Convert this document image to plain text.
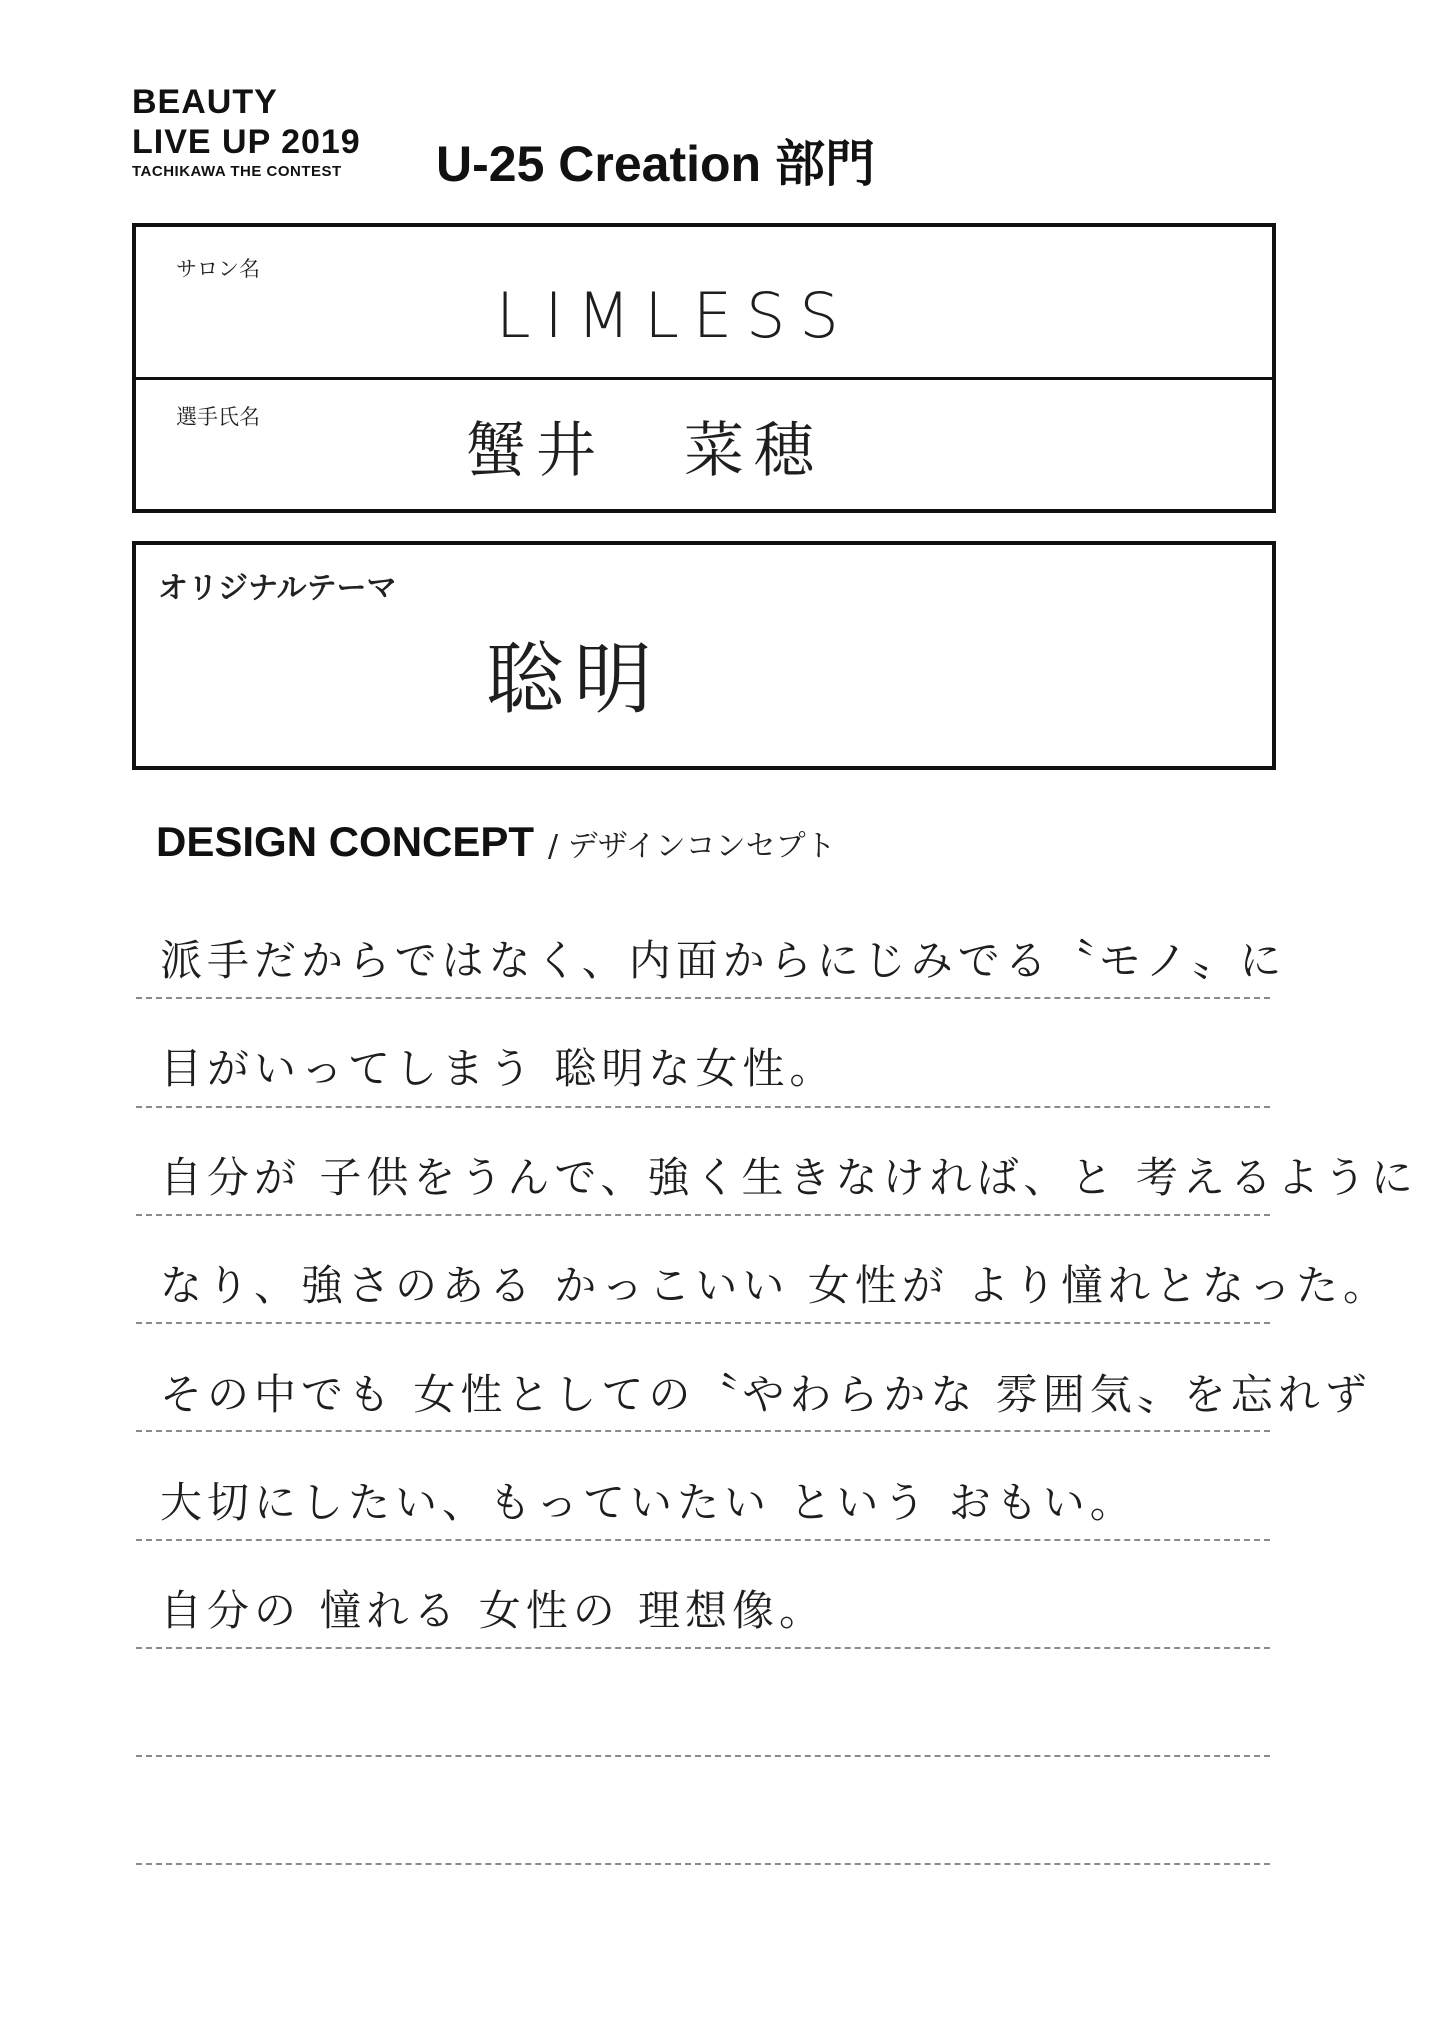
BEAUTY
LIVE UP 2019
TACHIKAWA THE CONTEST	U-25 Creation 部門
サロン名
LIMLESS
選手氏名	蟹井 菜穂
オリジナルテーマ
聡明
DESIGN CONCEPT / デザインコンセプト
派手だからではなく、内面からにじみでる〝モノ〟に
目がいってしまう 聡明な女性。
自分が 子供をうんで、強く生きなければ、と 考えるように
なり、強さのある かっこいい 女性が より憧れとなった。
その中でも 女性としての〝やわらかな 雰囲気〟を忘れず
大切にしたい、もっていたい という おもい。
自分の 憧れる 女性の 理想像。
